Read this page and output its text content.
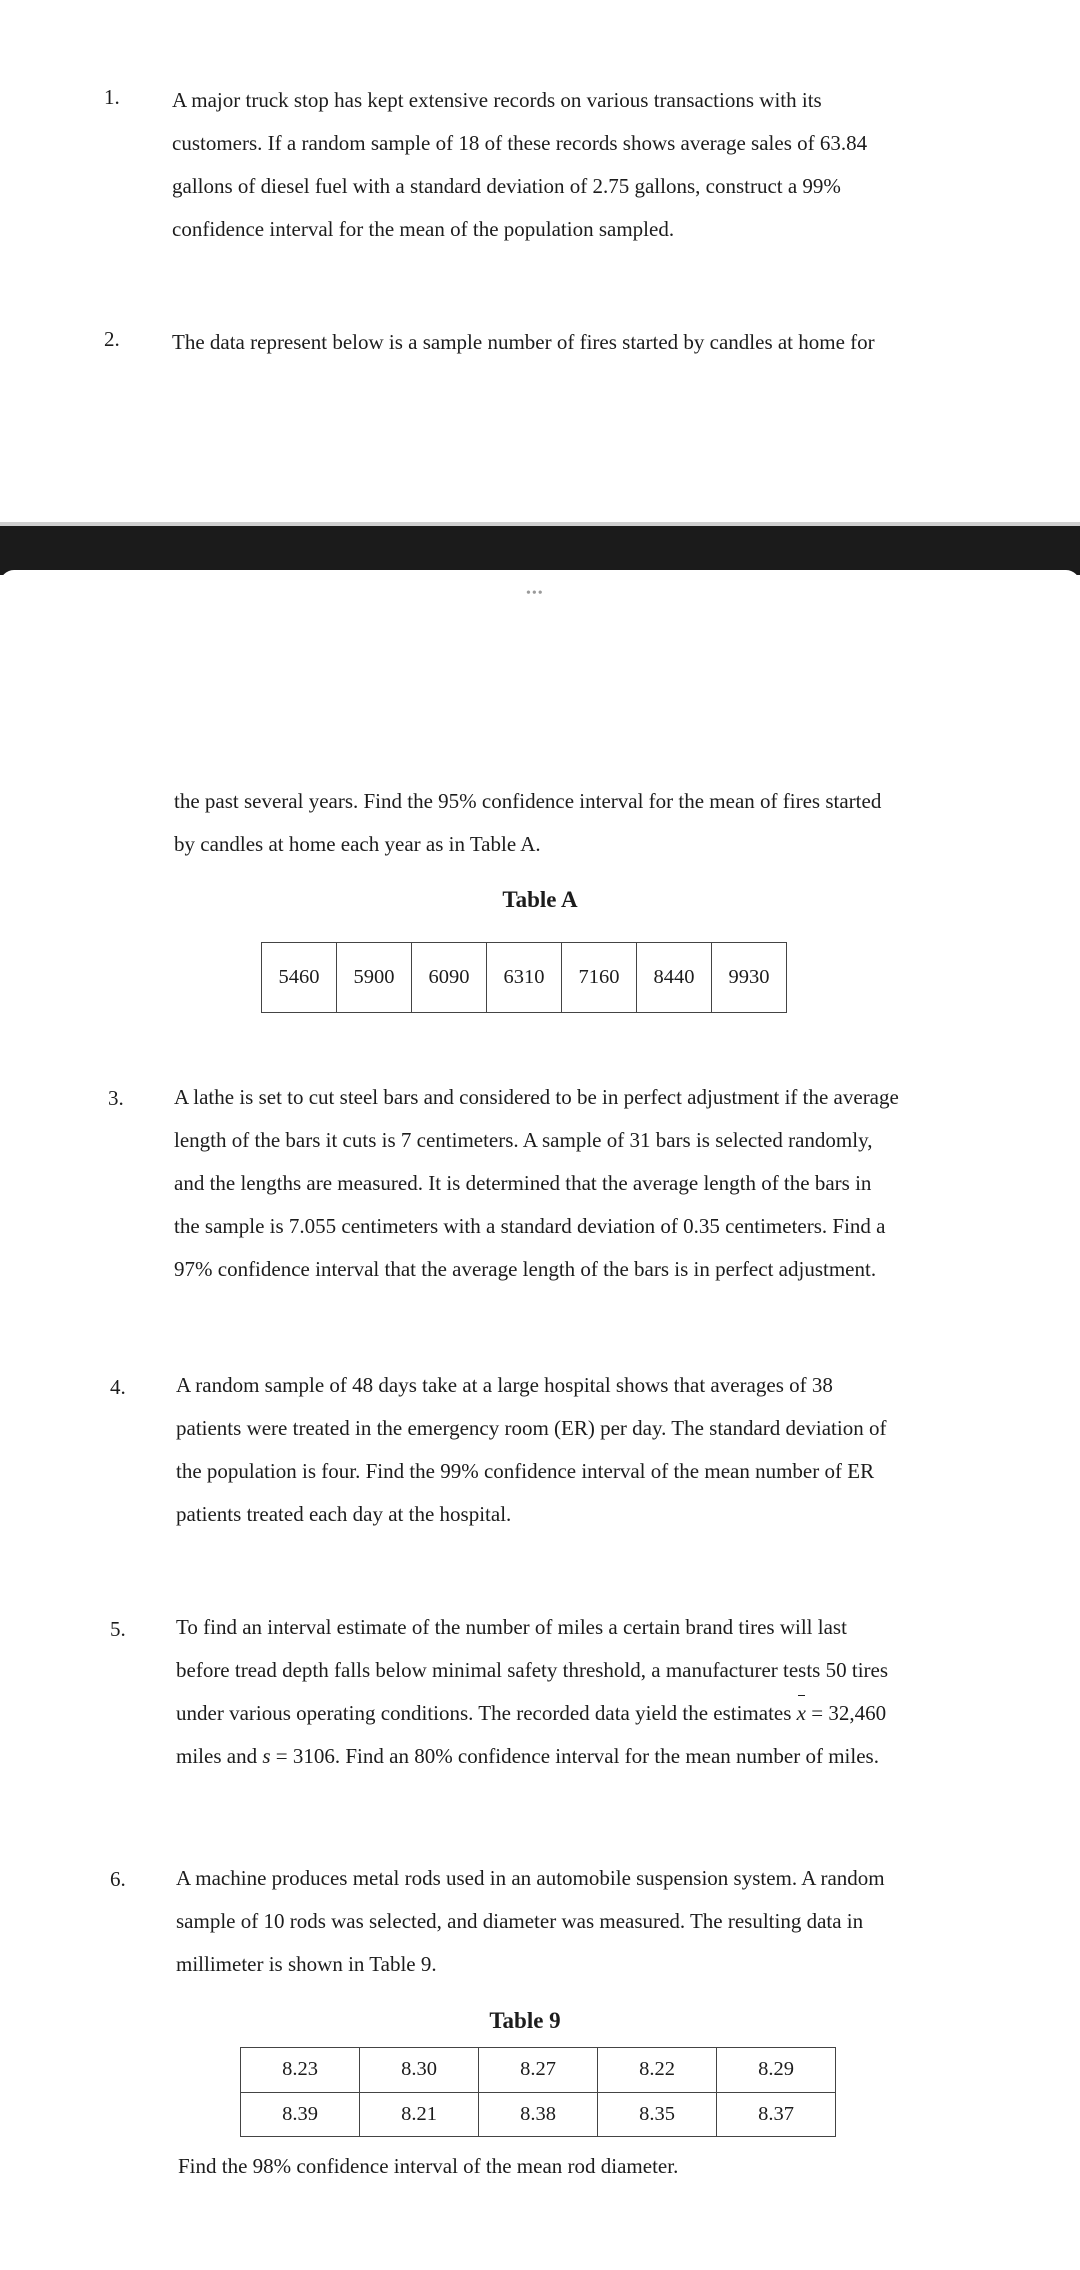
1. A major truck stop has kept extensive records on various transactions with its
customers. If a random sample of 18 of these records shows average sales of 63.84
gallons of diesel fuel with a standard deviation of 2.75 gallons, construct a 99%
confidence interval for the mean of the population sampled.
2. The data represent below is a sample number of fires started by candles at home for
•••
the past several years. Find the 95% confidence interval for the mean of fires started
by candles at home each year as in Table A.
Table A
5460	5900	6090	6310	7160	8440	9930
3. A lathe is set to cut steel bars and considered to be in perfect adjustment if the average
length of the bars it cuts is 7 centimeters. A sample of 31 bars is selected randomly,
and the lengths are measured. It is determined that the average length of the bars in
the sample is 7.055 centimeters with a standard deviation of 0.35 centimeters. Find a
97% confidence interval that the average length of the bars is in perfect adjustment.
4. A random sample of 48 days take at a large hospital shows that averages of 38
patients were treated in the emergency room (ER) per day. The standard deviation of
the population is four. Find the 99% confidence interval of the mean number of ER
patients treated each day at the hospital.
5. To find an interval estimate of the number of miles a certain brand tires will last
before tread depth falls below minimal safety threshold, a manufacturer tests 50 tires
under various operating conditions. The recorded data yield the estimates x = 32,460
miles and s = 3106. Find an 80% confidence interval for the mean number of miles.
6. A machine produces metal rods used in an automobile suspension system. A random
sample of 10 rods was selected, and diameter was measured. The resulting data in
millimeter is shown in Table 9.
Table 9
8.23	8.30	8.27	8.22	8.29
8.39	8.21	8.38	8.35	8.37
Find the 98% confidence interval of the mean rod diameter.
